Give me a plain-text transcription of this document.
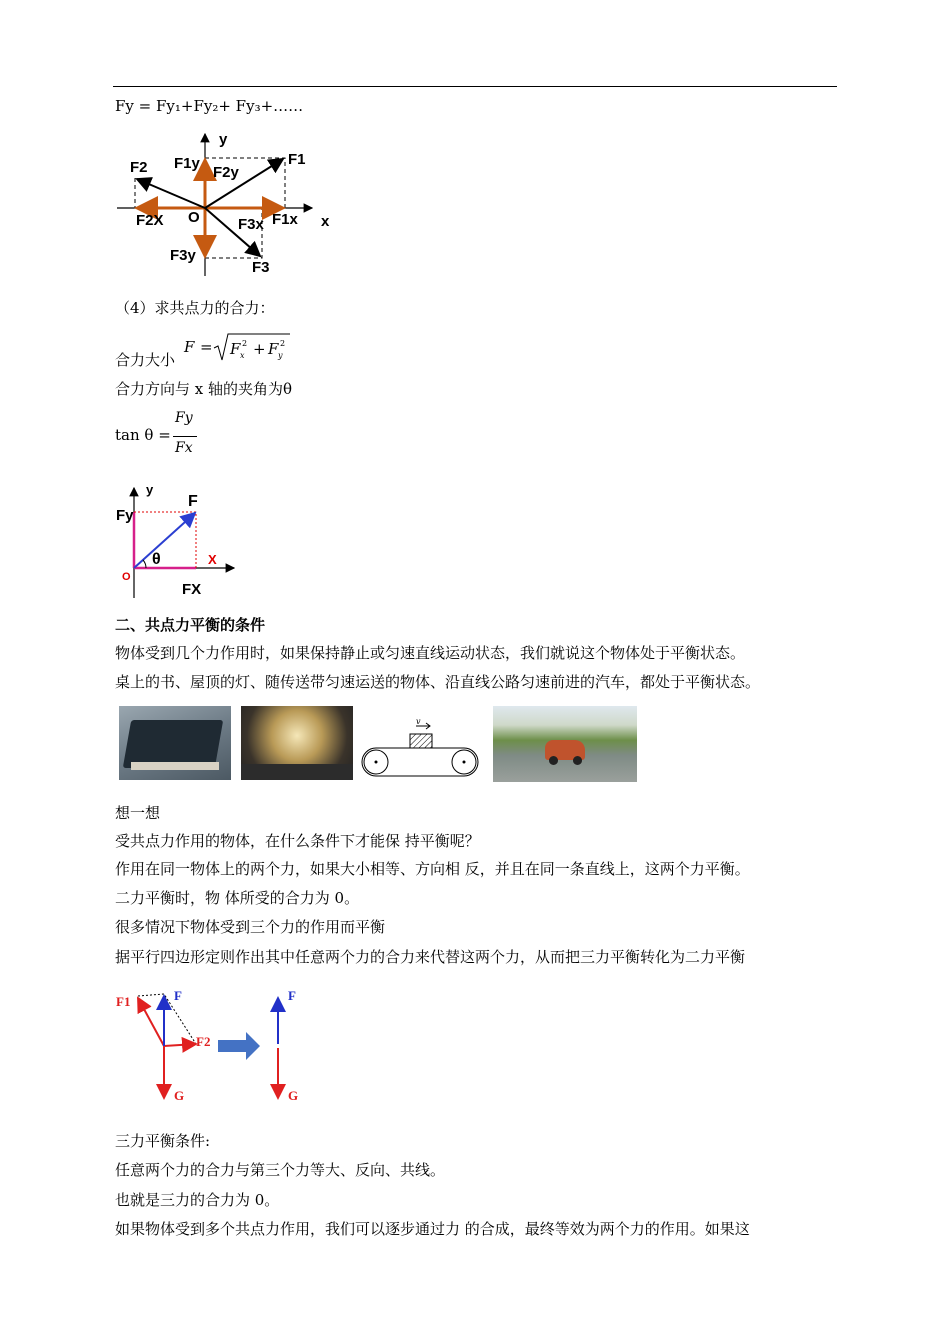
Fy = Fy₁+Fy₂+ Fy₃+……
y
x
O
F1
F2
F3
F1y
F2y
F3y
F1x
F2X	F3x
（4）求共点力的合力：
合力大小
F = F x
2 + F y
2
合力方向与 x 轴的夹角为θ
tan θ =
Fy
Fx
y
F
Fy
θ	X
O
FX
二、共点力平衡的条件
物体受到几个力作用时，如果保持静止或匀速直线运动状态，我们就说这个物体处于平衡状态。
桌上的书、屋顶的灯、随传送带匀速运送的物体、沿直线公路匀速前进的汽车，都处于平衡状态。
v
想一想
受共点力作用的物体，在什么条件下才能保 持平衡呢？
作用在同一物体上的两个力，如果大小相等、方向相 反，并且在同一条直线上，这两个力平衡。
二力平衡时，物 体所受的合力为 0。
很多情况下物体受到三个力的作用而平衡
据平行四边形定则作出其中任意两个力的合力来代替这两个力，从而把三力平衡转化为二力平衡
F1	F
F2
G
F
G
三力平衡条件:
任意两个力的合力与第三个力等大、反向、共线。
也就是三力的合力为 0。
如果物体受到多个共点力作用，我们可以逐步通过力 的合成，最终等效为两个力的作用。如果这
